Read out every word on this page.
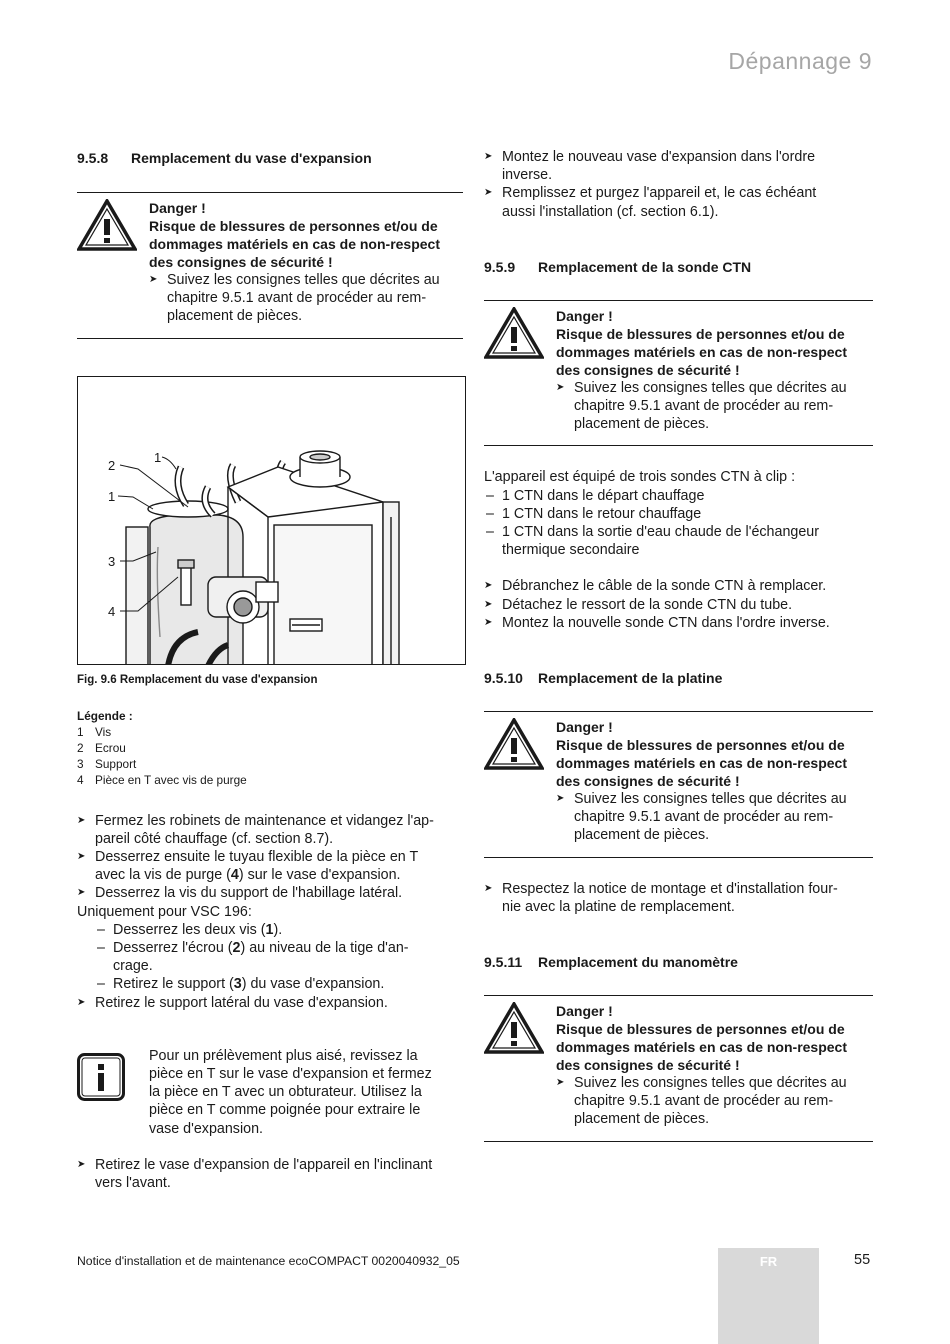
Dépannage 9
9.5.8 Remplacement du vase d'expansion
Danger !
Risque de blessures de personnes et/ou de
dommages matériels en cas de non-respect
des consignes de sécurité !
➤ Suivez les consignes telles que décrites au
chapitre 9.5.1 avant de procéder au rem-
placement de pièces.
1
2
1
3
4
Fig. 9.6 Remplacement du vase d'expansion
Légende :
1 Vis
2 Ecrou
3 Support
4 Pièce en T avec vis de purge
➤ Fermez les robinets de maintenance et vidangez l'ap-
pareil côté chauffage (cf. section 8.7).
➤ Desserrez ensuite le tuyau flexible de la pièce en T
avec la vis de purge (4) sur le vase d'expansion.
➤ Desserrez la vis du support de l'habillage latéral.
Uniquement pour VSC 196:
– Desserrez les deux vis (1).
– Desserrez l'écrou (2) au niveau de la tige d'an-
crage.
– Retirez le support (3) du vase d'expansion.
➤ Retirez le support latéral du vase d'expansion.
Pour un prélèvement plus aisé, revissez la
pièce en T sur le vase d'expansion et fermez
la pièce en T avec un obturateur. Utilisez la
pièce en T comme poignée pour extraire le
vase d'expansion.
➤ Retirez le vase d'expansion de l'appareil en l'inclinant
vers l'avant.
➤ Montez le nouveau vase d'expansion dans l'ordre
inverse.
➤ Remplissez et purgez l'appareil et, le cas échéant
aussi l'installation (cf. section 6.1).
9.5.9 Remplacement de la sonde CTN
Danger !
Risque de blessures de personnes et/ou de
dommages matériels en cas de non-respect
des consignes de sécurité !
➤ Suivez les consignes telles que décrites au
chapitre 9.5.1 avant de procéder au rem-
placement de pièces.
L'appareil est équipé de trois sondes CTN à clip :
– 1 CTN dans le départ chauffage
– 1 CTN dans le retour chauffage
– 1 CTN dans la sortie d'eau chaude de l'échangeur
thermique secondaire
➤ Débranchez le câble de la sonde CTN à remplacer.
➤ Détachez le ressort de la sonde CTN du tube.
➤ Montez la nouvelle sonde CTN dans l'ordre inverse.
9.5.10 Remplacement de la platine
Danger !
Risque de blessures de personnes et/ou de
dommages matériels en cas de non-respect
des consignes de sécurité !
➤ Suivez les consignes telles que décrites au
chapitre 9.5.1 avant de procéder au rem-
placement de pièces.
➤ Respectez la notice de montage et d'installation four-
nie avec la platine de remplacement.
9.5.11 Remplacement du manomètre
Danger !
Risque de blessures de personnes et/ou de
dommages matériels en cas de non-respect
des consignes de sécurité !
➤ Suivez les consignes telles que décrites au
chapitre 9.5.1 avant de procéder au rem-
placement de pièces.
Notice d'installation et de maintenance ecoCOMPACT 0020040932_05	FR	55
